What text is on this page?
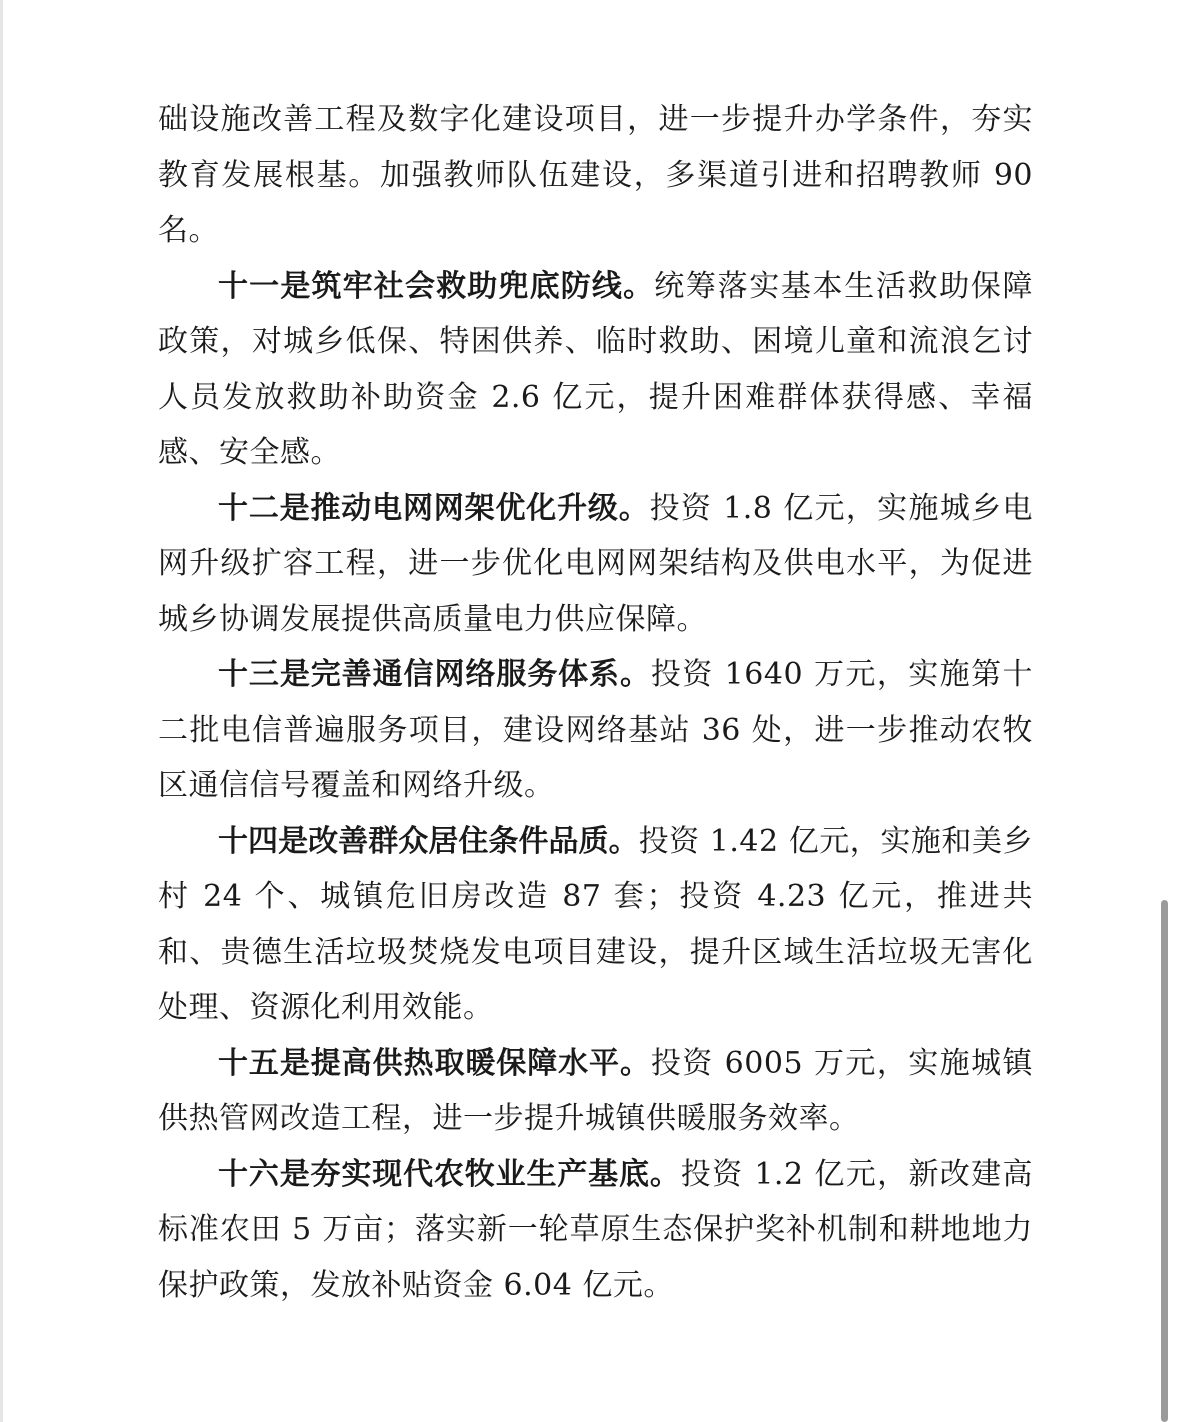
础设施改善工程及数字化建设项目，进一步提升办学条件，夯实教育发展根基。加强教师队伍建设，多渠道引进和招聘教师 90名。

十一是筑牢社会救助兜底防线。统筹落实基本生活救助保障政策，对城乡低保、特困供养、临时救助、困境儿童和流浪乞讨人员发放救助补助资金 2.6 亿元，提升困难群体获得感、幸福感、安全感。

十二是推动电网网架优化升级。投资 1.8 亿元，实施城乡电网升级扩容工程，进一步优化电网网架结构及供电水平，为促进城乡协调发展提供高质量电力供应保障。

十三是完善通信网络服务体系。投资 1640 万元，实施第十二批电信普遍服务项目，建设网络基站 36 处，进一步推动农牧区通信信号覆盖和网络升级。

十四是改善群众居住条件品质。投资 1.42 亿元，实施和美乡村 24 个、城镇危旧房改造 87 套；投资 4.23 亿元，推进共和、贵德生活垃圾焚烧发电项目建设，提升区域生活垃圾无害化处理、资源化利用效能。

十五是提高供热取暖保障水平。投资 6005 万元，实施城镇供热管网改造工程，进一步提升城镇供暖服务效率。

十六是夯实现代农牧业生产基底。投资 1.2 亿元，新改建高标准农田 5 万亩；落实新一轮草原生态保护奖补机制和耕地地力保护政策，发放补贴资金 6.04 亿元。
